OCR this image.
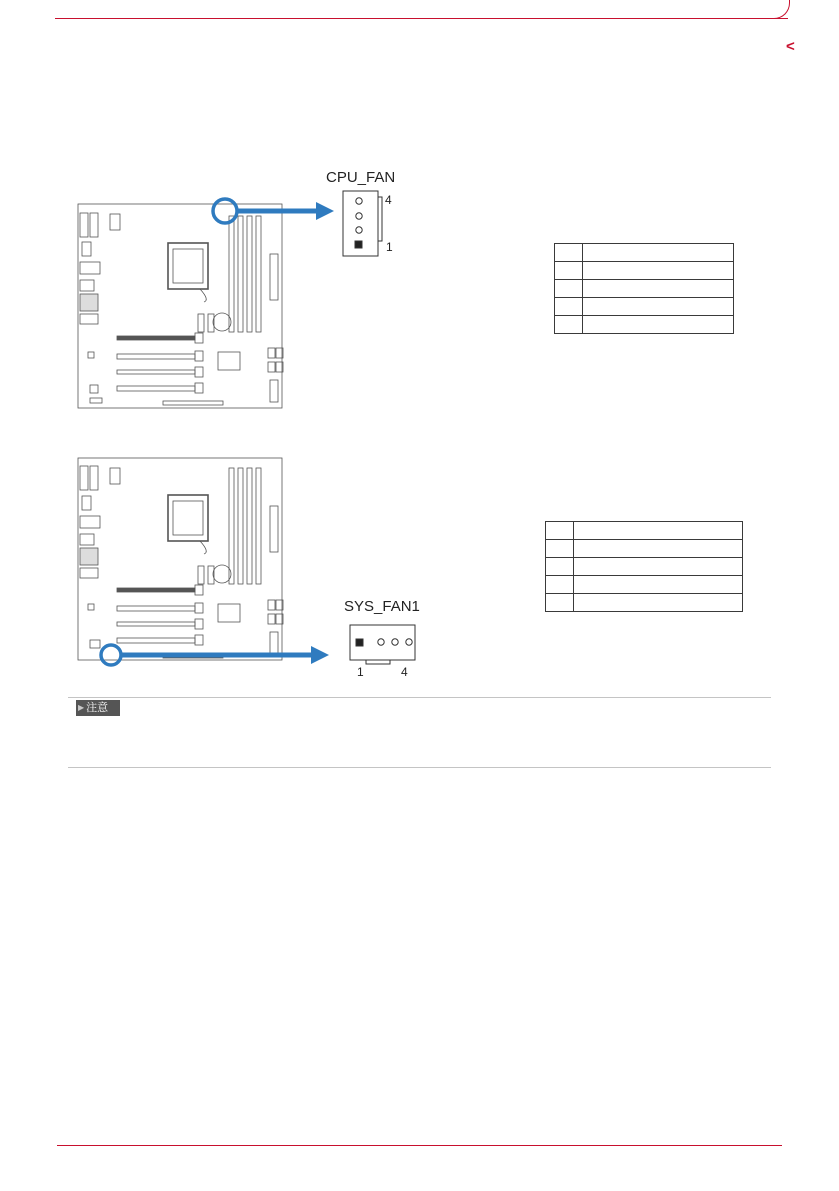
<
CPU_FAN
4
1

SYS_FAN1
1	4

▶ 注意
